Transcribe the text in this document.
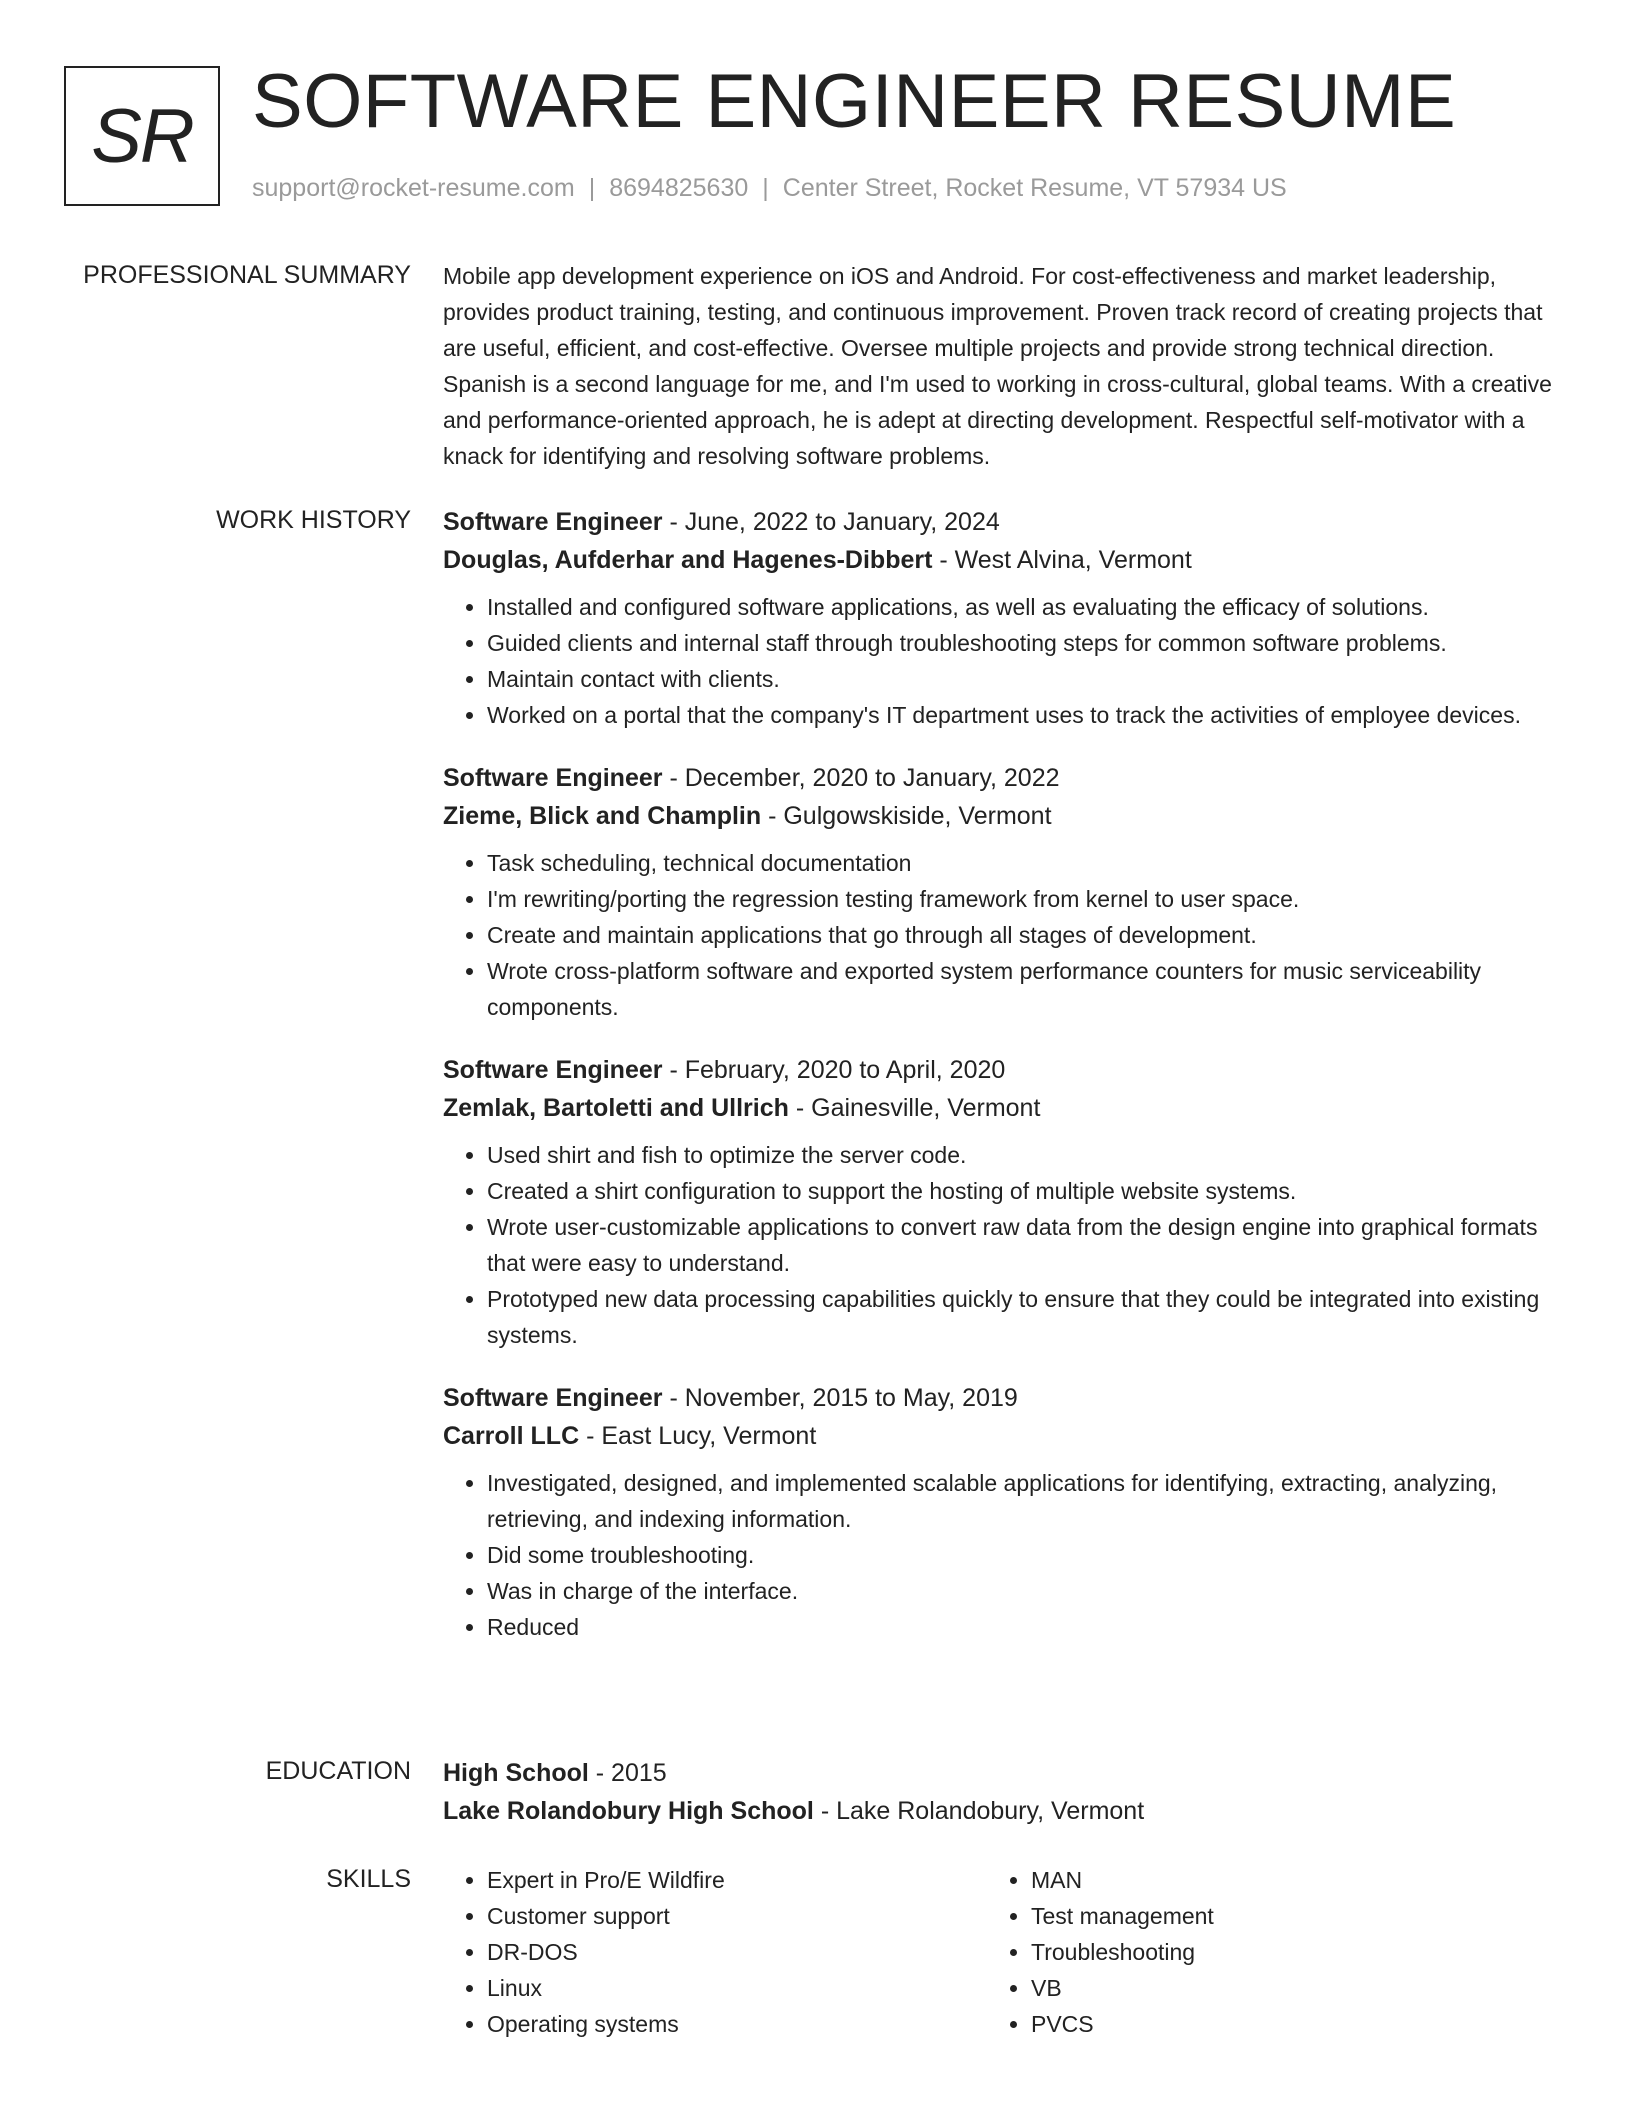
SR SOFTWARE ENGINEER RESUME
support@rocket-resume.com | 8694825630 | Center Street, Rocket Resume, VT 57934 US
PROFESSIONAL SUMMARY Mobile app development experience on iOS and Android. For cost-effectiveness and market leadership, provides product training, testing, and continuous improvement. Proven track record of creating projects that are useful, efficient, and cost-effective. Oversee multiple projects and provide strong technical direction. Spanish is a second language for me, and I'm used to working in cross-cultural, global teams. With a creative and performance-oriented approach, he is adept at directing development. Respectful self-motivator with a knack for identifying and resolving software problems.

WORK HISTORY Software Engineer - June, 2022 to January, 2024
Douglas, Aufderhar and Hagenes-Dibbert - West Alvina, Vermont
• Installed and configured software applications, as well as evaluating the efficacy of solutions.
• Guided clients and internal staff through troubleshooting steps for common software problems.
• Maintain contact with clients.
• Worked on a portal that the company's IT department uses to track the activities of employee devices.
Software Engineer - December, 2020 to January, 2022
Zieme, Blick and Champlin - Gulgowskiside, Vermont
• Task scheduling, technical documentation
• I'm rewriting/porting the regression testing framework from kernel to user space.
• Create and maintain applications that go through all stages of development.
• Wrote cross-platform software and exported system performance counters for music serviceability components.
Software Engineer - February, 2020 to April, 2020
Zemlak, Bartoletti and Ullrich - Gainesville, Vermont
• Used shirt and fish to optimize the server code.
• Created a shirt configuration to support the hosting of multiple website systems.
• Wrote user-customizable applications to convert raw data from the design engine into graphical formats that were easy to understand.
• Prototyped new data processing capabilities quickly to ensure that they could be integrated into existing systems.
Software Engineer - November, 2015 to May, 2019
Carroll LLC - East Lucy, Vermont
• Investigated, designed, and implemented scalable applications for identifying, extracting, analyzing, retrieving, and indexing information.
• Did some troubleshooting.
• Was in charge of the interface.
• Reduced
EDUCATION High School - 2015
Lake Rolandobury High School - Lake Rolandobury, Vermont
SKILLS
•	Expert in Pro/E Wildfire
• Customer support
• DR-DOS
• Linux
• Operating systems
• MAN
• Test management
• Troubleshooting
• VB
• PVCS
